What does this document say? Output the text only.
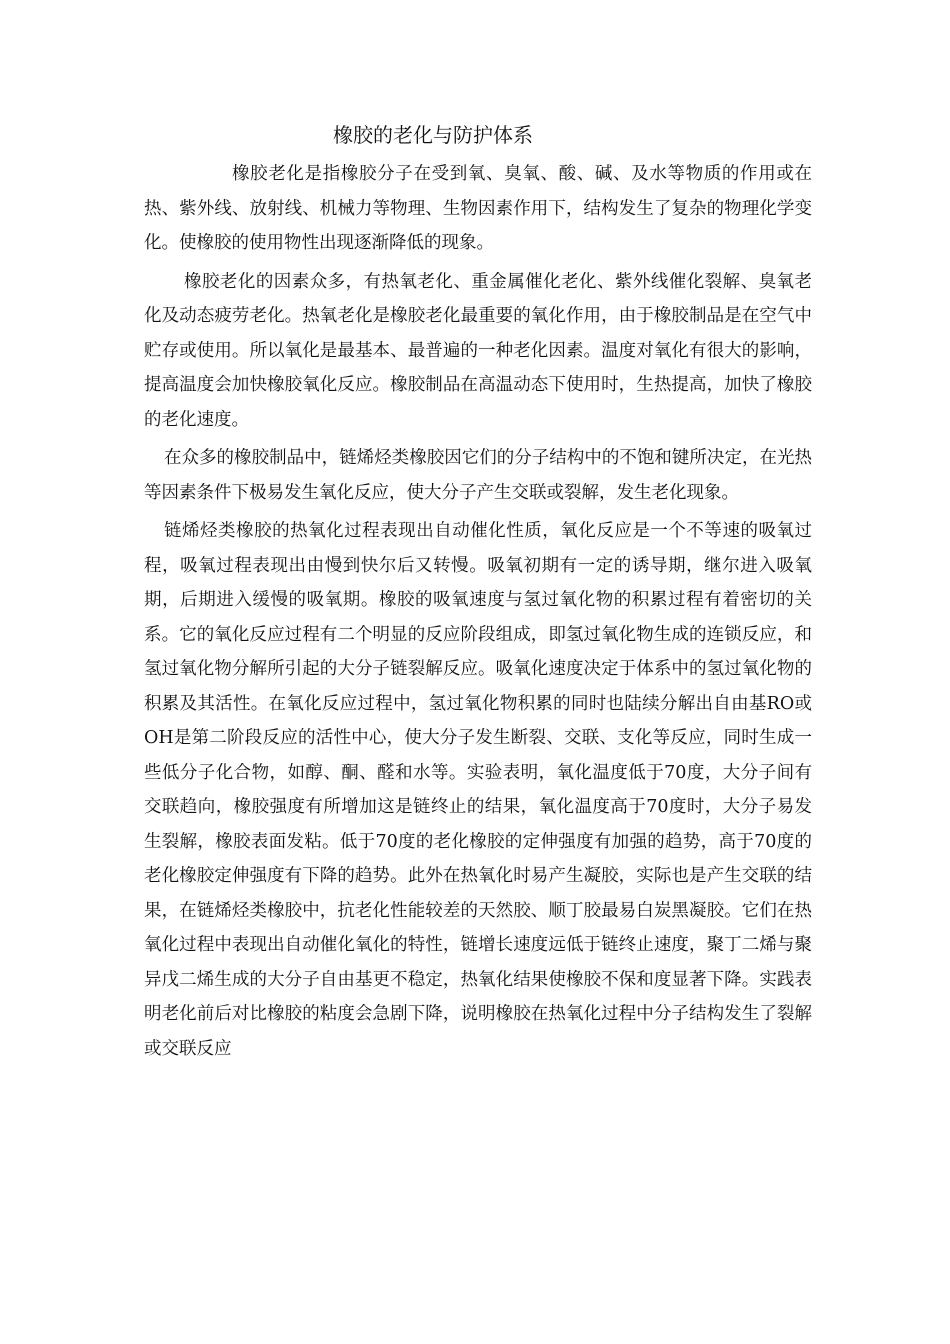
橡胶的老化与防护体系

橡胶老化是指橡胶分子在受到氧、臭氧、酸、碱、及水等物质的作用或在热、紫外线、放射线、机械力等物理、生物因素作用下，结构发生了复杂的物理化学变化。使橡胶的使用物性出现逐渐降低的现象。

橡胶老化的因素众多，有热氧老化、重金属催化老化、紫外线催化裂解、臭氧老化及动态疲劳老化。热氧老化是橡胶老化最重要的氧化作用，由于橡胶制品是在空气中贮存或使用。所以氧化是最基本、最普遍的一种老化因素。温度对氧化有很大的影响，提高温度会加快橡胶氧化反应。橡胶制品在高温动态下使用时，生热提高，加快了橡胶的老化速度。

在众多的橡胶制品中，链烯烃类橡胶因它们的分子结构中的不饱和键所决定，在光热等因素条件下极易发生氧化反应，使大分子产生交联或裂解，发生老化现象。

链烯烃类橡胶的热氧化过程表现出自动催化性质，氧化反应是一个不等速的吸氧过程，吸氧过程表现出由慢到快尔后又转慢。吸氧初期有一定的诱导期，继尔进入吸氧期，后期进入缓慢的吸氧期。橡胶的吸氧速度与氢过氧化物的积累过程有着密切的关系。它的氧化反应过程有二个明显的反应阶段组成，即氢过氧化物生成的连锁反应，和氢过氧化物分解所引起的大分子链裂解反应。吸氧化速度决定于体系中的氢过氧化物的积累及其活性。在氧化反应过程中，氢过氧化物积累的同时也陆续分解出自由基RO或OH是第二阶段反应的活性中心，使大分子发生断裂、交联、支化等反应，同时生成一些低分子化合物，如醇、酮、醛和水等。实验表明，氧化温度低于70度，大分子间有交联趋向，橡胶强度有所增加这是链终止的结果，氧化温度高于70度时，大分子易发生裂解，橡胶表面发粘。低于70度的老化橡胶的定伸强度有加强的趋势，高于70度的老化橡胶定伸强度有下降的趋势。此外在热氧化时易产生凝胶，实际也是产生交联的结果，在链烯烃类橡胶中，抗老化性能较差的天然胶、顺丁胶最易白炭黑凝胶。它们在热氧化过程中表现出自动催化氧化的特性，链增长速度远低于链终止速度，聚丁二烯与聚异戊二烯生成的大分子自由基更不稳定，热氧化结果使橡胶不保和度显著下降。实践表明老化前后对比橡胶的粘度会急剧下降，说明橡胶在热氧化过程中分子结构发生了裂解或交联反应
